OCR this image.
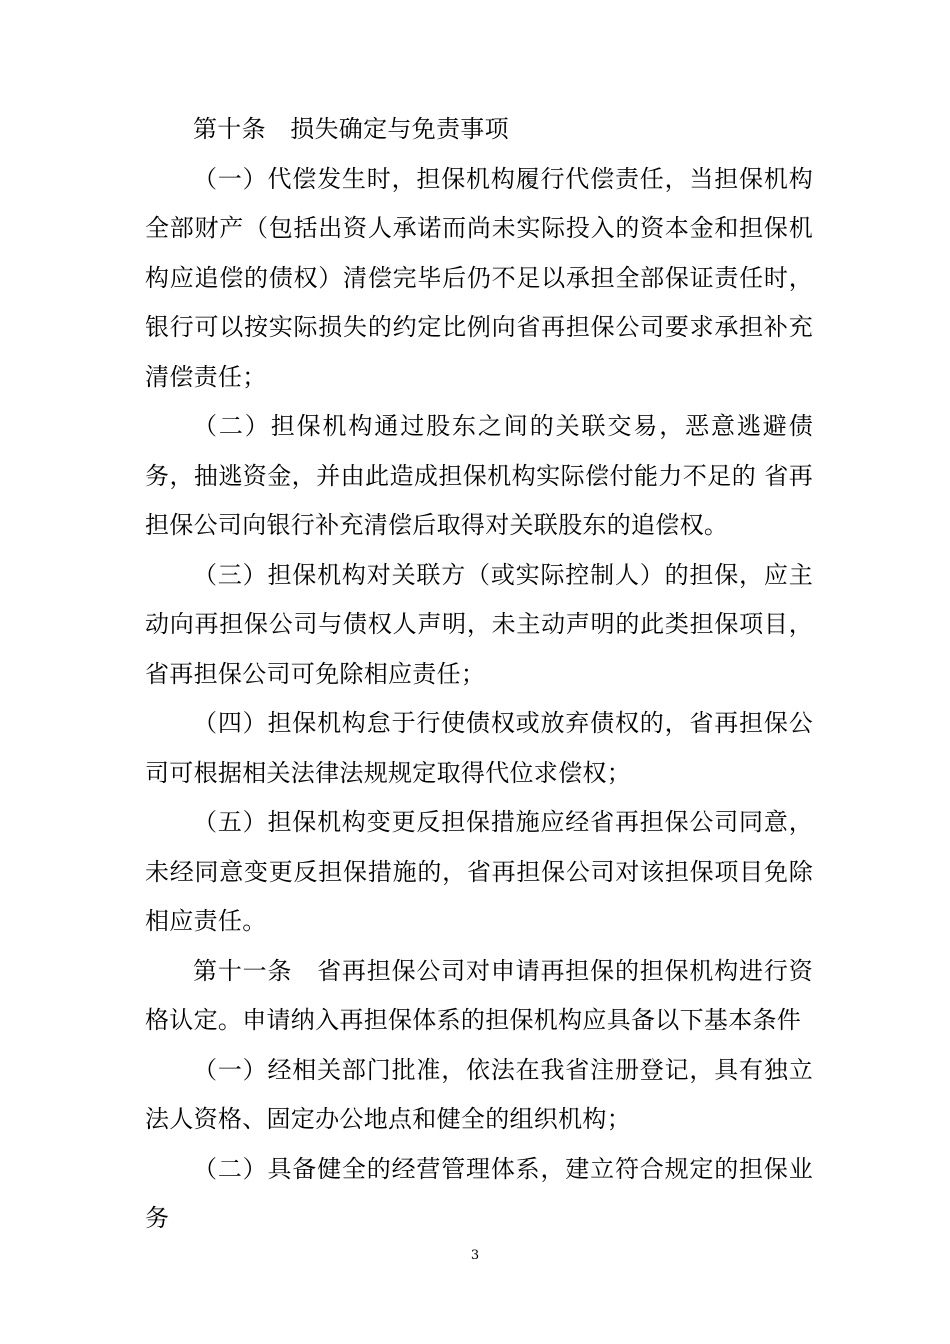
第十条　损失确定与免责事项

（一）代偿发生时，担保机构履行代偿责任，当担保机构全部财产（包括出资人承诺而尚未实际投入的资本金和担保机构应追偿的债权）清偿完毕后仍不足以承担全部保证责任时，银行可以按实际损失的约定比例向省再担保公司要求承担补充清偿责任；

（二）担保机构通过股东之间的关联交易，恶意逃避债务，抽逃资金，并由此造成担保机构实际偿付能力不足的 省再担保公司向银行补充清偿后取得对关联股东的追偿权。

（三）担保机构对关联方（或实际控制人）的担保，应主动向再担保公司与债权人声明，未主动声明的此类担保项目，省再担保公司可免除相应责任；

（四）担保机构怠于行使债权或放弃债权的，省再担保公司可根据相关法律法规规定取得代位求偿权；

（五）担保机构变更反担保措施应经省再担保公司同意，未经同意变更反担保措施的，省再担保公司对该担保项目免除相应责任。

第十一条　省再担保公司对申请再担保的担保机构进行资格认定。申请纳入再担保体系的担保机构应具备以下基本条件

（一）经相关部门批准，依法在我省注册登记，具有独立法人资格、固定办公地点和健全的组织机构；

（二）具备健全的经营管理体系，建立符合规定的担保业务

3
